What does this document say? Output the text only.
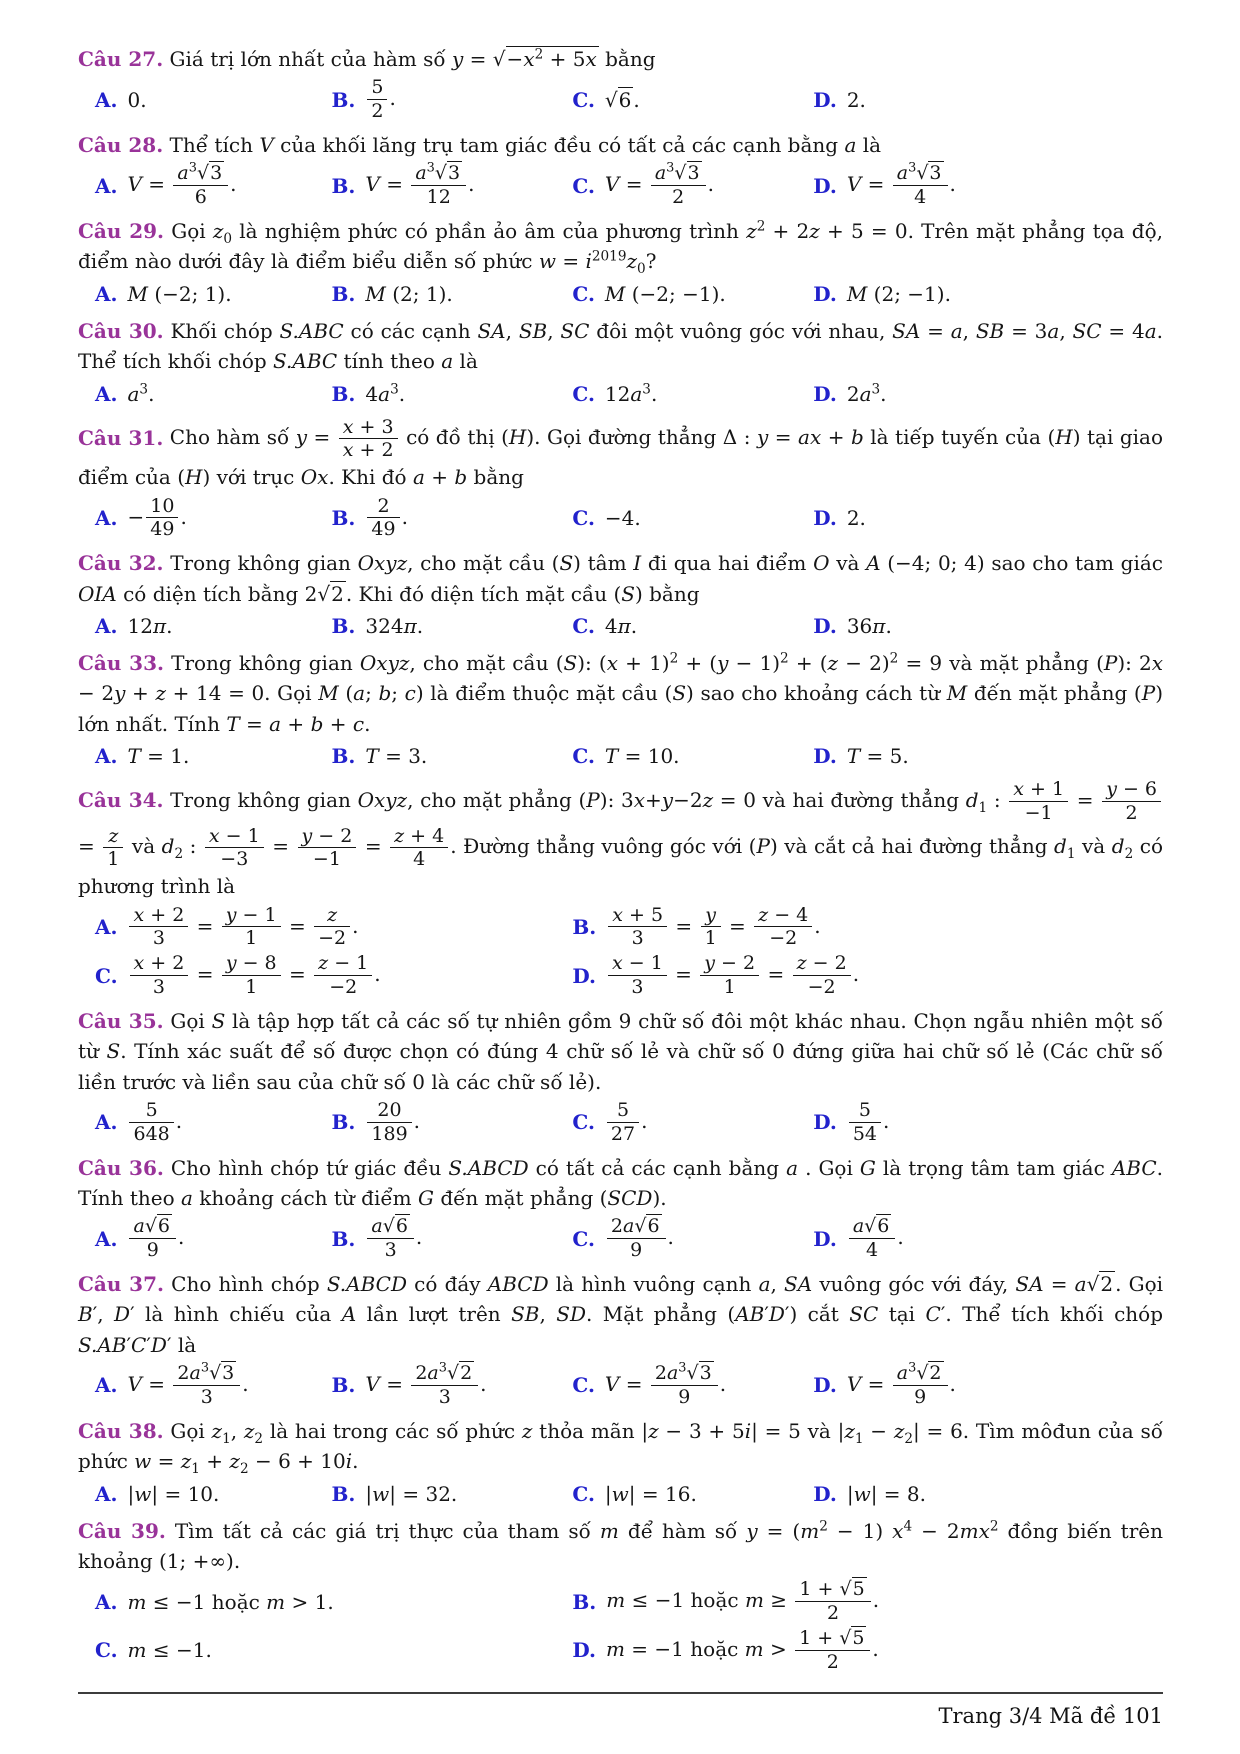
Câu 27. Giá trị lớn nhất của hàm số $y = √-x^2 + 5x$ bằng

A. 0.	B. $\frac{5}{2}$ .	C. √6 .	D. 2.

Câu 28. Thể tích V của khối lăng trụ tam giác đều có tất cả các cạnh bằng a là

A. $V = \frac{a^3√3}{6}$ .	B. $V = \frac{a^3√3}{12}$ .	C. $V = \frac{a^3√3}{2}$ .	D. $V = \frac{a^3√3}{4}$ .

Câu 29. Gọi $z_0$ là nghiệm phức có phần ảo âm của phương trình $z^2 + 2z + 5 = 0$. Trên mặt phẳng tọa độ, điểm nào dưới đây là điểm biểu diễn số phức $w = i^{2019}z_0$?

A. M (−2; 1).	B. M (2; 1).	C. M (−2; −1).	D. M (2; −1).

Câu 30. Khối chóp S.ABC có các cạnh SA, SB, SC đôi một vuông góc với nhau, SA = a, SB = 3a, SC = 4a. Thể tích khối chóp S.ABC tính theo a là

A. $a^3$.	B. $4a^3$.	C. $12a^3$.	D. $2a^3$.

Câu 31. Cho hàm số $y = \frac{x + 3}{x + 2}$ có đồ thị (H). Gọi đường thẳng Δ : y = ax + b là tiếp tuyến của (H) tại giao điểm của (H) với trục Ox. Khi đó a + b bằng

A. − $\frac{10}{49}$ .	B. $\frac{2}{49}$ .	C. −4.	D. 2.

Câu 32. Trong không gian Oxyz, cho mặt cầu (S) tâm I đi qua hai điểm O và A (−4; 0; 4) sao cho tam giác OIA có diện tích bằng 2√2 . Khi đó diện tích mặt cầu (S) bằng

A. 12π.	B. 324π.	C. 4π.	D. 36π.

Câu 33. Trong không gian Oxyz, cho mặt cầu (S): $(x + 1)^2 + (y - 1)^2 + (z - 2)^2 = 9$ và mặt phẳng (P): 2x − 2y + z + 14 = 0. Gọi M (a; b; c) là điểm thuộc mặt cầu (S) sao cho khoảng cách từ M đến mặt phẳng (P) lớn nhất. Tính T = a + b + c.

A. T = 1.	B. T = 3.	C. T = 10.	D. T = 5.

Câu 34. Trong không gian Oxyz, cho mặt phẳng (P): 3x+y−2z = 0 và hai đường thẳng $d_1$ : $\frac{x + 1}{-1} = \frac{y - 6}{2}$
= $\frac{z}{1}$ và $d_2$ : $\frac{x - 1}{-3} = \frac{y - 2}{-1} = \frac{z + 4}{4}$ . Đường thẳng vuông góc với (P) và cắt cả hai đường thẳng $d_1$ và $d_2$ có phương trình là

A. $\frac{x + 2}{3} = \frac{y - 1}{1} = \frac{z}{-2}$ .	B. $\frac{x + 5}{3} = \frac{y}{1} = \frac{z - 4}{-2}$ .
C. $\frac{x + 2}{3} = \frac{y - 8}{1} = \frac{z - 1}{-2}$ .	D. $\frac{x - 1}{3} = \frac{y - 2}{1} = \frac{z - 2}{-2}$ .

Câu 35. Gọi S là tập hợp tất cả các số tự nhiên gồm 9 chữ số đôi một khác nhau. Chọn ngẫu nhiên một số từ S. Tính xác suất để số được chọn có đúng 4 chữ số lẻ và chữ số 0 đứng giữa hai chữ số lẻ (Các chữ số liền trước và liền sau của chữ số 0 là các chữ số lẻ).

A. $\frac{5}{648}$ .	B. $\frac{20}{189}$ .	C. $\frac{5}{27}$ .	D. $\frac{5}{54}$ .

Câu 36. Cho hình chóp tứ giác đều S.ABCD có tất cả các cạnh bằng a . Gọi G là trọng tâm tam giác ABC. Tính theo a khoảng cách từ điểm G đến mặt phẳng (SCD).

A. $\frac{a√6}{9}$ .	B. $\frac{a√6}{3}$ .	C. $\frac{2a√6}{9}$ .	D. $\frac{a√6}{4}$ .

Câu 37. Cho hình chóp S.ABCD có đáy ABCD là hình vuông cạnh a, SA vuông góc với đáy, SA = a√2 . Gọi B′, D′ là hình chiếu của A lần lượt trên SB, SD. Mặt phẳng (AB′D′) cắt SC tại C′. Thể tích khối chóp S.AB′C′D′ là

A. $V = \frac{2a^3√3}{3}$ .	B. $V = \frac{2a^3√2}{3}$ .	C. $V = \frac{2a^3√3}{9}$ .	D. $V = \frac{a^3√2}{9}$ .

Câu 38. Gọi $z_1$, $z_2$ là hai trong các số phức z thỏa mãn |z − 3 + 5i| = 5 và $|z_1 - z_2| = 6$. Tìm môđun của số phức $w = z_1 + z_2 - 6 + 10i$.

A. |w| = 10.	B. |w| = 32.	C. |w| = 16.	D. |w| = 8.

Câu 39. Tìm tất cả các giá trị thực của tham số m để hàm số $y = (m^2 - 1) x^4 - 2mx^2$ đồng biến trên khoảng (1; +∞).

A. m ≤ −1 hoặc m > 1.	B. m ≤ −1 hoặc $m \ge \frac{1 + √5}{2}$ .
C. m ≤ −1.	D. m = −1 hoặc $m > \frac{1 + √5}{2}$ .

Trang 3/4 Mã đề 101
